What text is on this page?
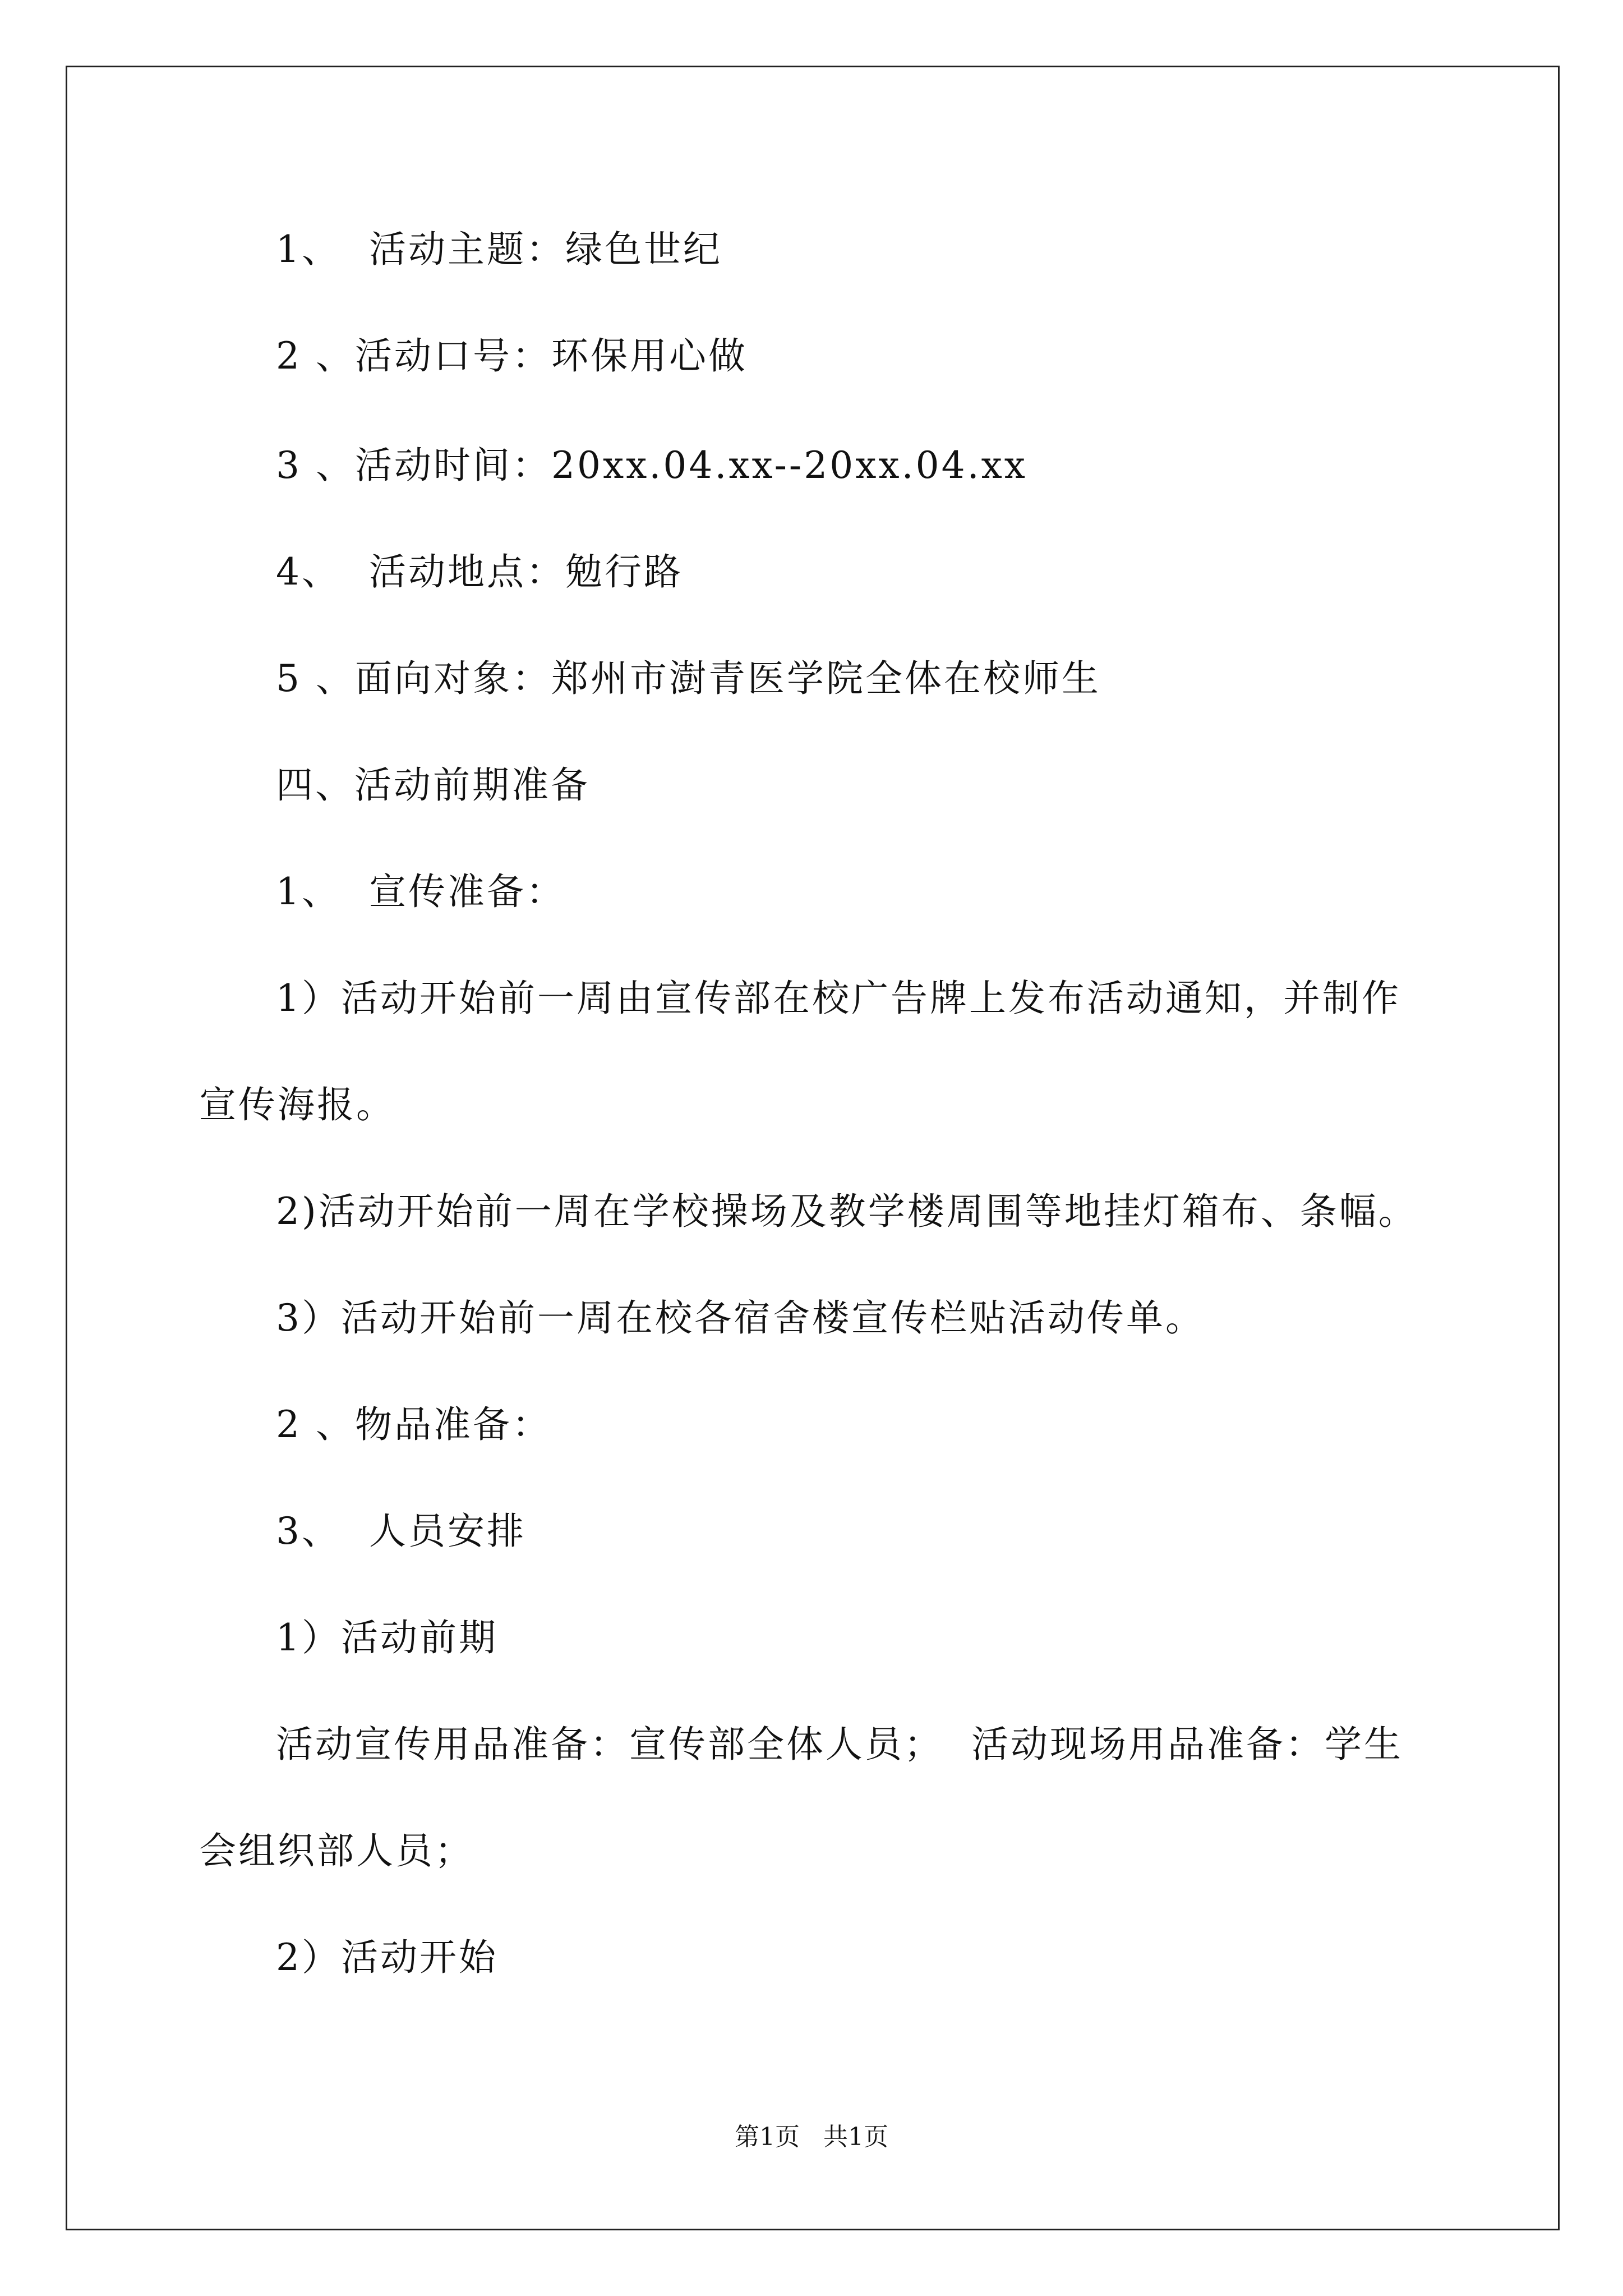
1、  活动主题：绿色世纪
2 、活动口号：环保用心做
3 、活动时间：20xx.04.xx--20xx.04.xx
4、  活动地点：勉行路
5 、面向对象：郑州市澍青医学院全体在校师生
四、活动前期准备
1、  宣传准备：
1）活动开始前一周由宣传部在校广告牌上发布活动通知，并制作
宣传海报。
2)活动开始前一周在学校操场及教学楼周围等地挂灯箱布、条幅。
3）活动开始前一周在校各宿舍楼宣传栏贴活动传单。
2 、物品准备：
3、  人员安排
1）活动前期
活动宣传用品准备：宣传部全体人员；  活动现场用品准备：学生
会组织部人员；
2）活动开始
第1页   共1页
